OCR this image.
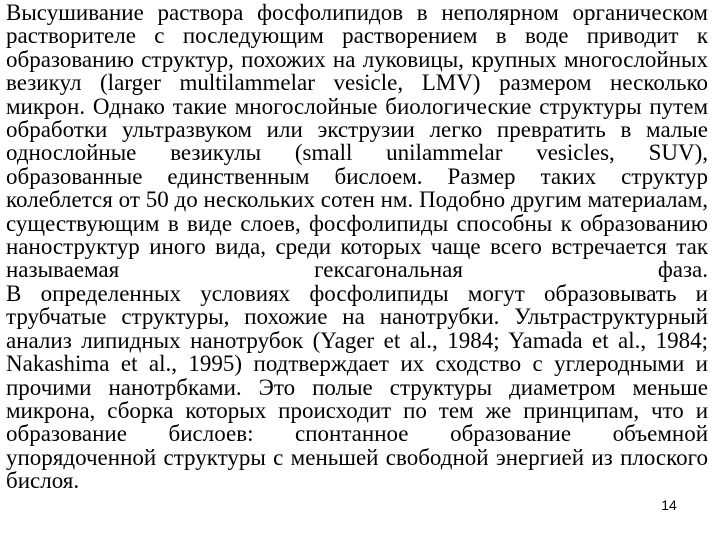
Высушивание раствора фосфолипидов в неполярном органическом растворителе с последующим растворением в воде приводит к образованию структур, похожих на луковицы, крупных многослойных везикул (larger multilammelar vesicle, LMV) размером несколько микрон. Однако такие многослойные биологические структуры путем обработки ультразвуком или экструзии легко превратить в малые однослойные везикулы (small unilammelar vesicles, SUV), образованные единственным бислоем. Размер таких структур колеблется от 50 до нескольких сотен нм. Подобно другим материалам, существующим в виде слоев, фосфолипиды способны к образованию наноструктур иного вида, среди которых чаще всего встречается так называемая гексагональная фаза.

В определенных условиях фосфолипиды могут образовывать и трубчатые структуры, похожие на нанотрубки. Ультраструктурный анализ липидных нанотрубок (Yager et al., 1984; Yamada et al., 1984; Nakashima et al., 1995) подтверждает их сходство с углеродными и прочими нанотрбками. Это полые структуры диаметром меньше микрона, сборка которых происходит по тем же принципам, что и образование бислоев: спонтанное образование объемной упорядоченной структуры с меньшей свободной энергией из плоского бислоя.

14
